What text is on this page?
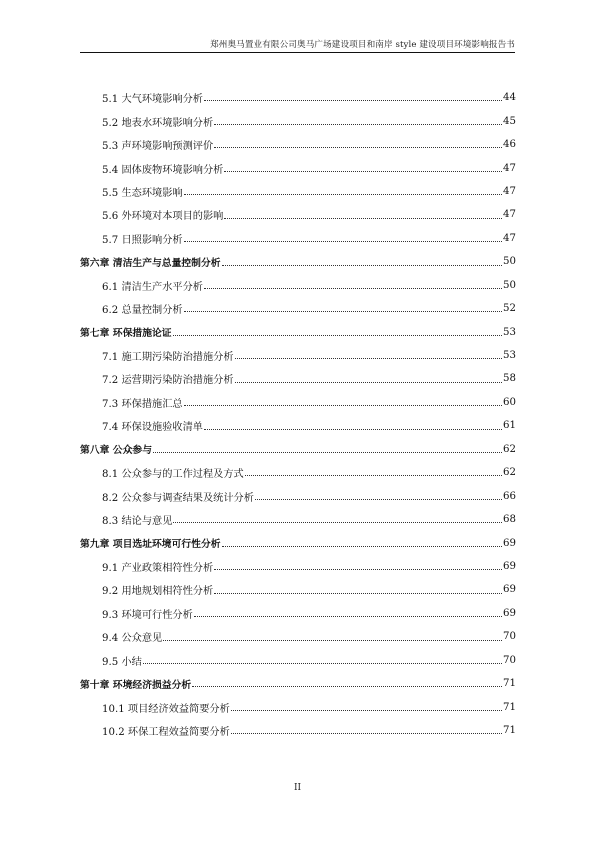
郑州奥马置业有限公司奥马广场建设项目和南岸 style 建设项目环境影响报告书
5.1 大气环境影响分析	44
5.2 地表水环境影响分析	45
5.3 声环境影响预测评价	46
5.4 固体废物环境影响分析	47
5.5 生态环境影响	47
5.6 外环境对本项目的影响	47
5.7 日照影响分析	47
第六章 清洁生产与总量控制分析	50
6.1 清洁生产水平分析	50
6.2 总量控制分析	52
第七章 环保措施论证	53
7.1 施工期污染防治措施分析	53
7.2 运营期污染防治措施分析	58
7.3 环保措施汇总	60
7.4 环保设施验收清单	61
第八章 公众参与	62
8.1 公众参与的工作过程及方式	62
8.2 公众参与调查结果及统计分析	66
8.3 结论与意见	68
第九章 项目选址环境可行性分析	69
9.1 产业政策相符性分析	69
9.2 用地规划相符性分析	69
9.3 环境可行性分析	69
9.4 公众意见	70
9.5 小结	70
第十章 环境经济损益分析	71
10.1 项目经济效益简要分析	71
10.2 环保工程效益简要分析	71
II
